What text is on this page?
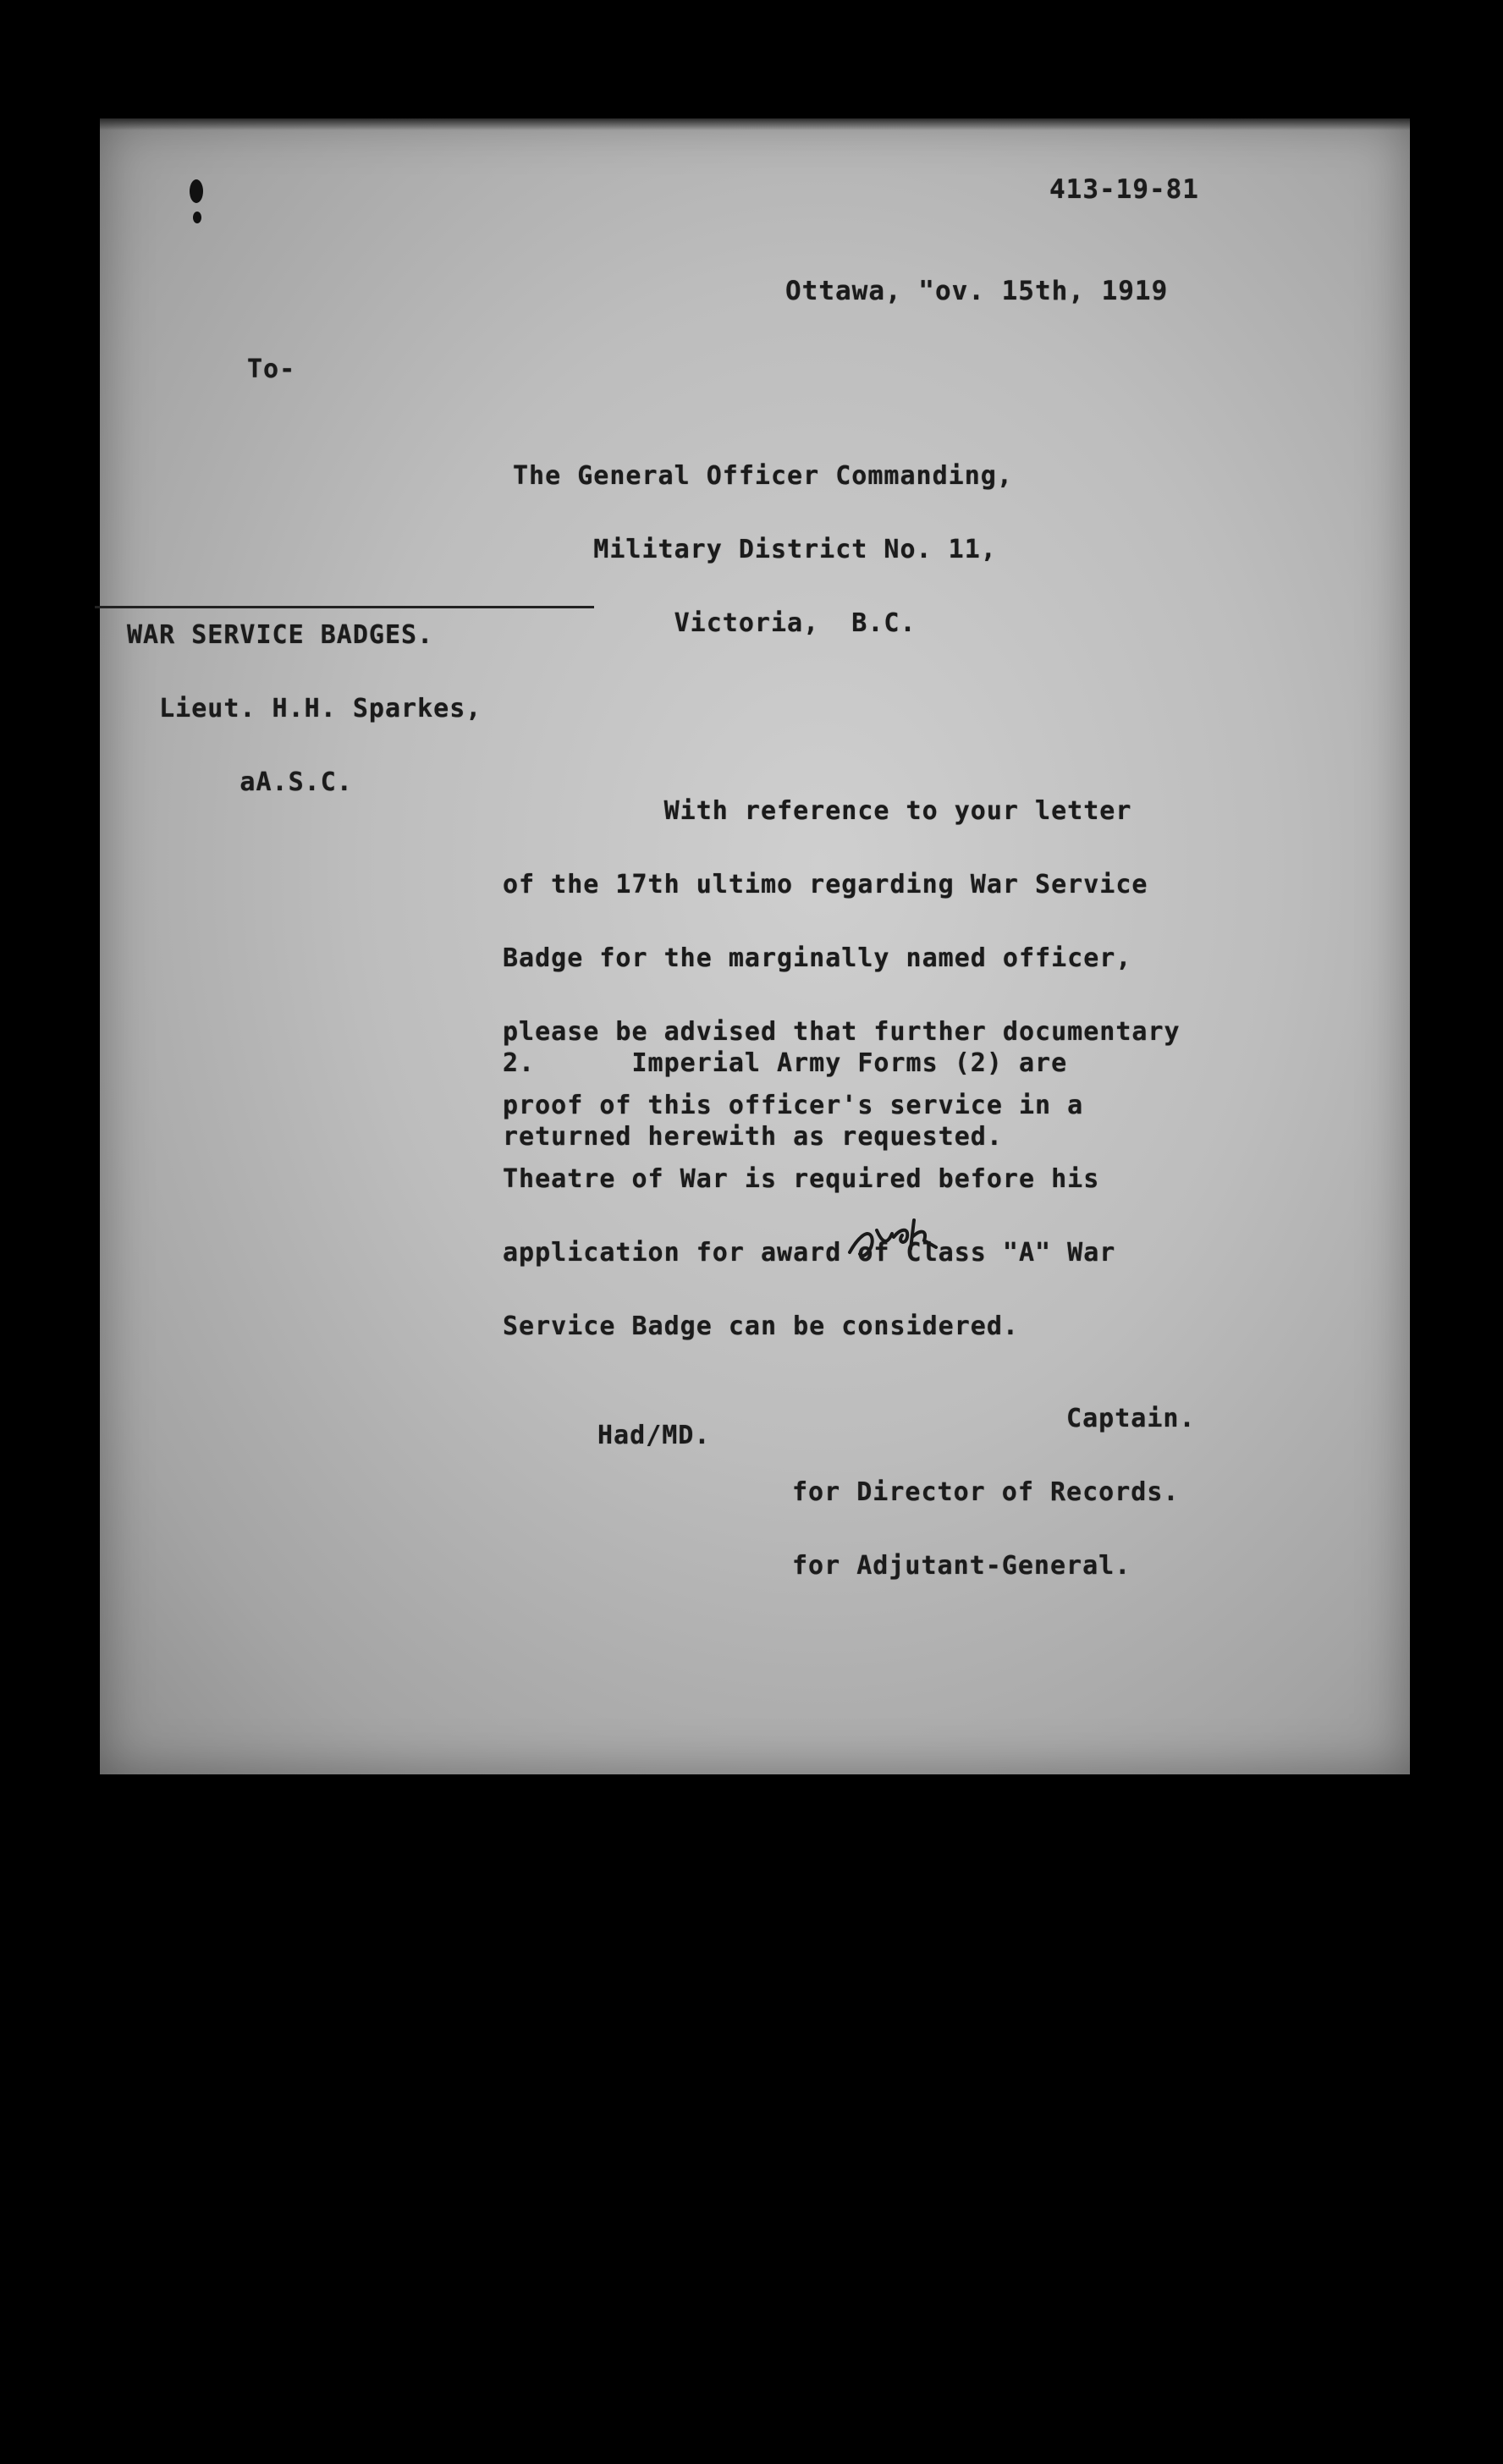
413-19-81
Ottawa, "ov. 15th, 1919
To-

The General Officer Commanding,

Military District No. 11,

Victoria,  B.C.

WAR SERVICE BADGES.

Lieut. H.H. Sparkes,

aA.S.C.

With reference to your letter

of the 17th ultimo regarding War Service

Badge for the marginally named officer,

please be advised that further documentary

proof of this officer's service in a

Theatre of War is required before his

application for award of Class "A" War

Service Badge can be considered.

2.      Imperial Army Forms (2) are

returned herewith as requested.

Captain.

for Director of Records.

for Adjutant-General.

Had/MD.
